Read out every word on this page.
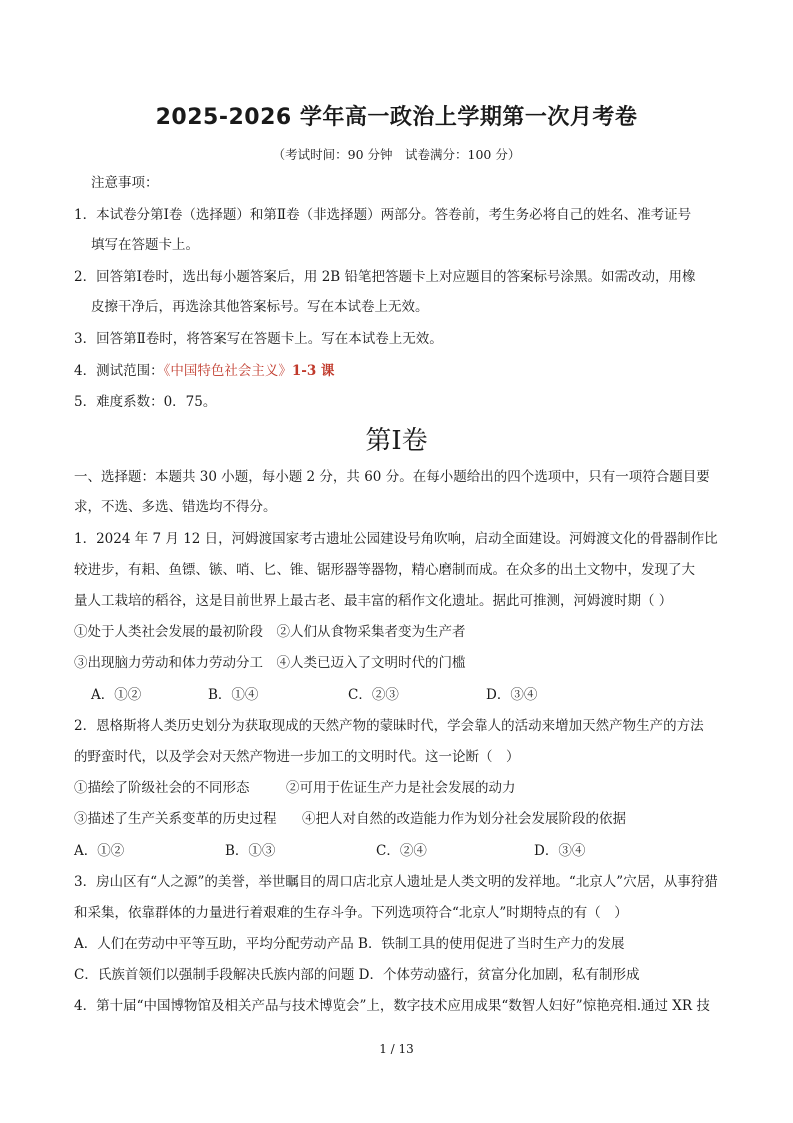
2025-2026 学年高一政治上学期第一次月考卷
（考试时间：90 分钟　试卷满分：100 分）
注意事项：
1．本试卷分第Ⅰ卷（选择题）和第Ⅱ卷（非选择题）两部分。答卷前，考生务必将自己的姓名、准考证号
填写在答题卡上。
2．回答第Ⅰ卷时，选出每小题答案后，用 2B 铅笔把答题卡上对应题目的答案标号涂黑。如需改动，用橡
皮擦干净后，再选涂其他答案标号。写在本试卷上无效。
3．回答第Ⅱ卷时，将答案写在答题卡上。写在本试卷上无效。
4．测试范围：《中国特色社会主义》1-3 课
5．难度系数：0．75。
第Ⅰ卷
一、选择题：本题共 30 小题，每小题 2 分，共 60 分。在每小题给出的四个选项中，只有一项符合题目要
求，不选、多选、错选均不得分。
1．2024 年 7 月 12 日，河姆渡国家考古遗址公园建设号角吹响，启动全面建设。河姆渡文化的骨器制作比
较进步，有耜、鱼镖、镞、哨、匕、锥、锯形器等器物，精心磨制而成。在众多的出土文物中，发现了大
量人工栽培的稻谷，这是目前世界上最古老、最丰富的稻作文化遗址。据此可推测，河姆渡时期（ ）
①处于人类社会发展的最初阶段　②人们从食物采集者变为生产者
③出现脑力劳动和体力劳动分工　④人类已迈入了文明时代的门槛
A．①②	B．①④	C．②③	D．③④
2．恩格斯将人类历史划分为获取现成的天然产物的蒙昧时代，学会靠人的活动来增加天然产物生产的方法
的野蛮时代，以及学会对天然产物进一步加工的文明时代。这一论断（　）
①描绘了阶级社会的不同形态	②可用于佐证生产力是社会发展的动力
③描述了生产关系变革的历史过程 ④把人对自然的改造能力作为划分社会发展阶段的依据
A．①②	B．①③	C．②④	D．③④
3．房山区有“人之源”的美誉，举世瞩目的周口店北京人遗址是人类文明的发祥地。“北京人”穴居，从事狩猎
和采集，依靠群体的力量进行着艰难的生存斗争。下列选项符合“北京人”时期特点的有（　）
A．人们在劳动中平等互助，平均分配劳动产品 B．铁制工具的使用促进了当时生产力的发展
C．氏族首领们以强制手段解决氏族内部的问题 D．个体劳动盛行，贫富分化加剧，私有制形成
4．第十届“中国博物馆及相关产品与技术博览会”上，数字技术应用成果“数智人妇好”惊艳亮相.通过 XR 技
1 / 13
